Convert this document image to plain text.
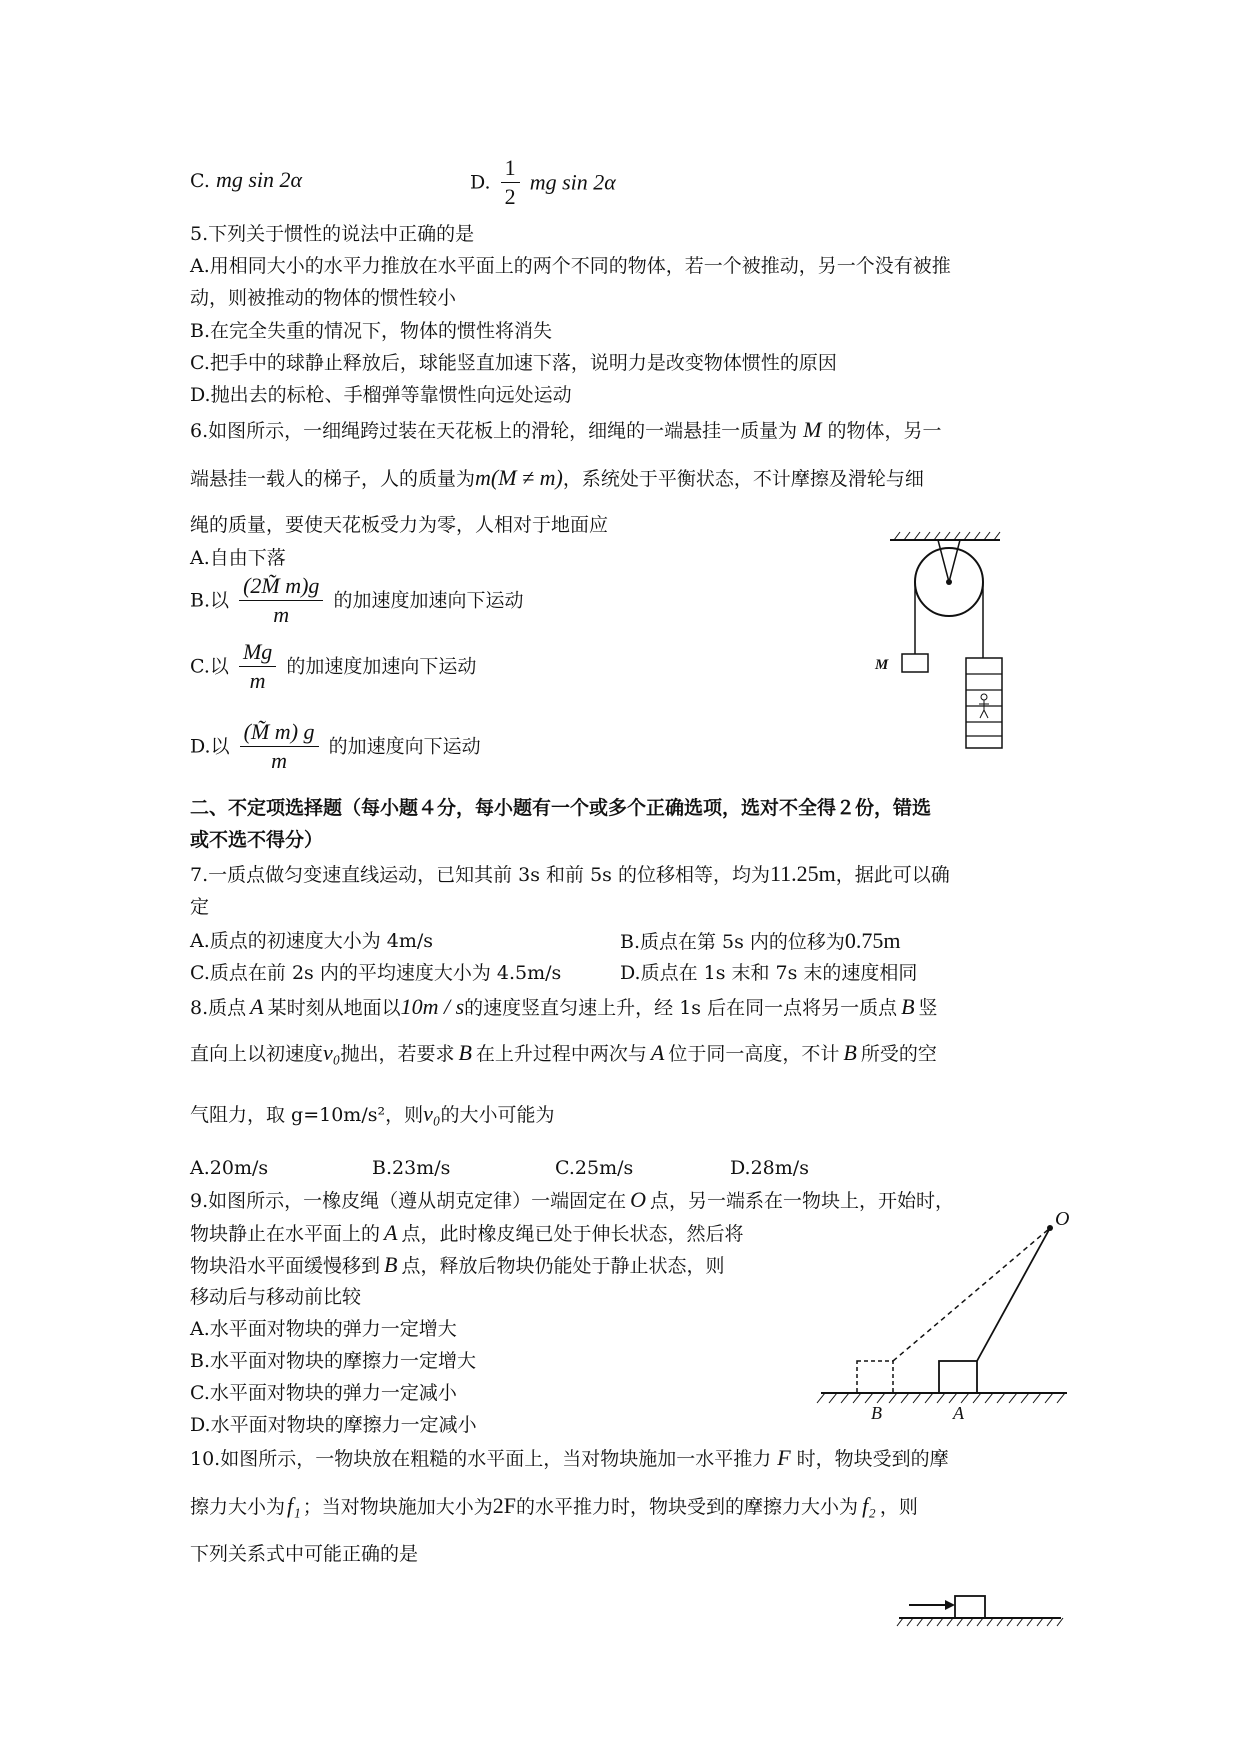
C. mg sin 2α	D. $\frac{1}{2}$ mg sin 2α
5.下列关于惯性的说法中正确的是
A.用相同大小的水平力推放在水平面上的两个不同的物体，若一个被推动，另一个没有被推
动，则被推动的物体的惯性较小
B.在完全失重的情况下，物体的惯性将消失
C.把手中的球静止释放后，球能竖直加速下落，说明力是改变物体惯性的原因
D.抛出去的标枪、手榴弹等靠惯性向远处运动
6.如图所示，一细绳跨过装在天花板上的滑轮，细绳的一端悬挂一质量为 M 的物体，另一
端悬挂一载人的梯子，人的质量为m(M ≠ m)，系统处于平衡状态，不计摩擦及滑轮与细
绳的质量，要使天花板受力为零，人相对于地面应
A.自由下落
B.以 $\frac{(2M̃ m)g}{m}$ 的加速度加速向下运动
C.以 $\frac{Mg}{m}$ 的加速度加速向下运动
D.以 $\frac{(M̃ m) g}{m}$ 的加速度向下运动
M
二、不定项选择题（每小题４分，每小题有一个或多个正确选项，选对不全得２份，错选
或不选不得分）
7.一质点做匀变速直线运动，已知其前 3s 和前 5s 的位移相等，均为11.25m，据此可以确
定
A.质点的初速度大小为 4m/s	B.质点在第 5s 内的位移为0.75m
C.质点在前 2s 内的平均速度大小为 4.5m/s	D.质点在 1s 末和 7s 末的速度相同
8.质点 A 某时刻从地面以10m / s的速度竖直匀速上升，经 1s 后在同一点将另一质点 B 竖
直向上以初速度v₀抛出，若要求 B 在上升过程中两次与 A 位于同一高度，不计 B 所受的空
气阻力，取 g=10m/s²，则v₀的大小可能为
A.20m/s	B.23m/s	C.25m/s	D.28m/s
9.如图所示，一橡皮绳（遵从胡克定律）一端固定在 O 点，另一端系在一物块上，开始时，
物块静止在水平面上的 A 点，此时橡皮绳已处于伸长状态，然后将
物块沿水平面缓慢移到 B 点，释放后物块仍能处于静止状态，则
移动后与移动前比较
A.水平面对物块的弹力一定增大
B.水平面对物块的摩擦力一定增大
C.水平面对物块的弹力一定减小
D.水平面对物块的摩擦力一定减小
O
B	A
10.如图所示，一物块放在粗糙的水平面上，当对物块施加一水平推力 F 时，物块受到的摩
擦力大小为f₁ ；当对物块施加大小为2F的水平推力时，物块受到的摩擦力大小为 f₂ ，则
下列关系式中可能正确的是
